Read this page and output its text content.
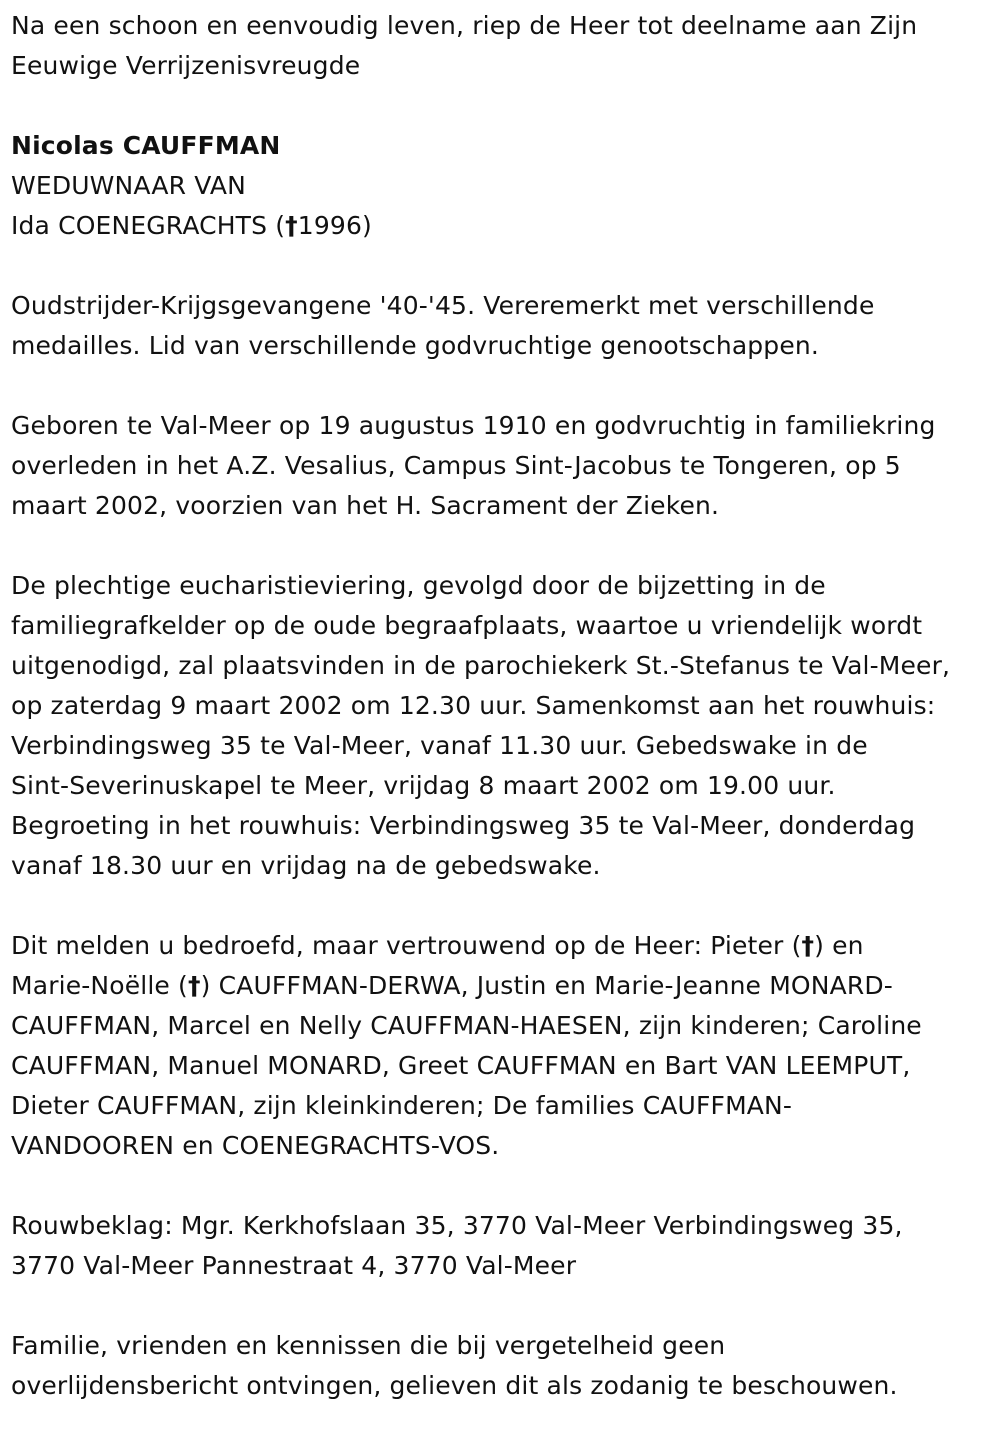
Na een schoon en eenvoudig leven, riep de Heer tot deelname aan Zijn
Eeuwige Verrijzenisvreugde
Nicolas CAUFFMAN
WEDUWNAAR VAN
Ida COENEGRACHTS (†1996)
Oudstrijder-Krijgsgevangene '40-'45. Vereremerkt met verschillende
medailles. Lid van verschillende godvruchtige genootschappen.
Geboren te Val-Meer op 19 augustus 1910 en godvruchtig in familiekring
overleden in het A.Z. Vesalius, Campus Sint-Jacobus te Tongeren, op 5
maart 2002, voorzien van het H. Sacrament der Zieken.
De plechtige eucharistieviering, gevolgd door de bijzetting in de
familiegrafkelder op de oude begraafplaats, waartoe u vriendelijk wordt
uitgenodigd, zal plaatsvinden in de parochiekerk St.-Stefanus te Val-Meer,
op zaterdag 9 maart 2002 om 12.30 uur. Samenkomst aan het rouwhuis:
Verbindingsweg 35 te Val-Meer, vanaf 11.30 uur. Gebedswake in de
Sint-Severinuskapel te Meer, vrijdag 8 maart 2002 om 19.00 uur.
Begroeting in het rouwhuis: Verbindingsweg 35 te Val-Meer, donderdag
vanaf 18.30 uur en vrijdag na de gebedswake.
Dit melden u bedroefd, maar vertrouwend op de Heer: Pieter (†) en
Marie-Noëlle (†) CAUFFMAN-DERWA, Justin en Marie-Jeanne MONARD-
CAUFFMAN, Marcel en Nelly CAUFFMAN-HAESEN, zijn kinderen; Caroline
CAUFFMAN, Manuel MONARD, Greet CAUFFMAN en Bart VAN LEEMPUT,
Dieter CAUFFMAN, zijn kleinkinderen; De families CAUFFMAN-
VANDOOREN en COENEGRACHTS-VOS.
Rouwbeklag: Mgr. Kerkhofslaan 35, 3770 Val-Meer Verbindingsweg 35,
3770 Val-Meer Pannestraat 4, 3770 Val-Meer
Familie, vrienden en kennissen die bij vergetelheid geen
overlijdensbericht ontvingen, gelieven dit als zodanig te beschouwen.
